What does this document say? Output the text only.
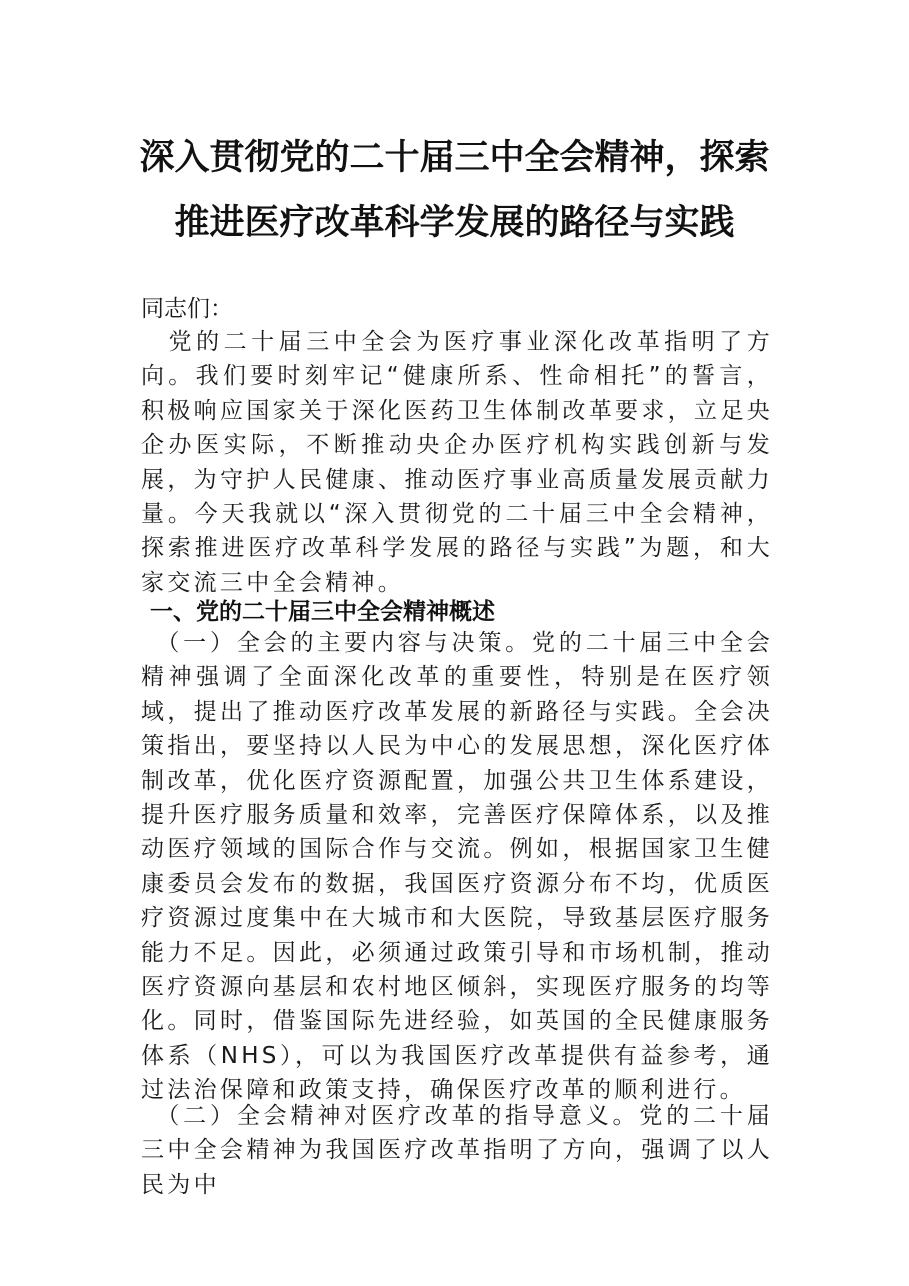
深入贯彻党的二十届三中全会精神，探索
推进医疗改革科学发展的路径与实践
同志们：
　党的二十届三中全会为医疗事业深化改革指明了方向。我们要时刻牢记“健康所系、性命相托”的誓言，积极响应国家关于深化医药卫生体制改革要求，立足央企办医实际，不断推动央企办医疗机构实践创新与发展，为守护人民健康、推动医疗事业高质量发展贡献力量。今天我就以“深入贯彻党的二十届三中全会精神，探索推进医疗改革科学发展的路径与实践”为题，和大家交流三中全会精神。
一、党的二十届三中全会精神概述
　（一）全会的主要内容与决策。党的二十届三中全会精神强调了全面深化改革的重要性，特别是在医疗领域，提出了推动医疗改革发展的新路径与实践。全会决策指出，要坚持以人民为中心的发展思想，深化医疗体制改革，优化医疗资源配置，加强公共卫生体系建设，提升医疗服务质量和效率，完善医疗保障体系，以及推动医疗领域的国际合作与交流。例如，根据国家卫生健康委员会发布的数据，我国医疗资源分布不均，优质医疗资源过度集中在大城市和大医院，导致基层医疗服务能力不足。因此，必须通过政策引导和市场机制，推动医疗资源向基层和农村地区倾斜，实现医疗服务的均等化。同时，借鉴国际先进经验，如英国的全民健康服务体系（NHS），可以为我国医疗改革提供有益参考，通过法治保障和政策支持，确保医疗改革的顺利进行。
　（二）全会精神对医疗改革的指导意义。党的二十届三中全会精神为我国医疗改革指明了方向，强调了以人民为中
